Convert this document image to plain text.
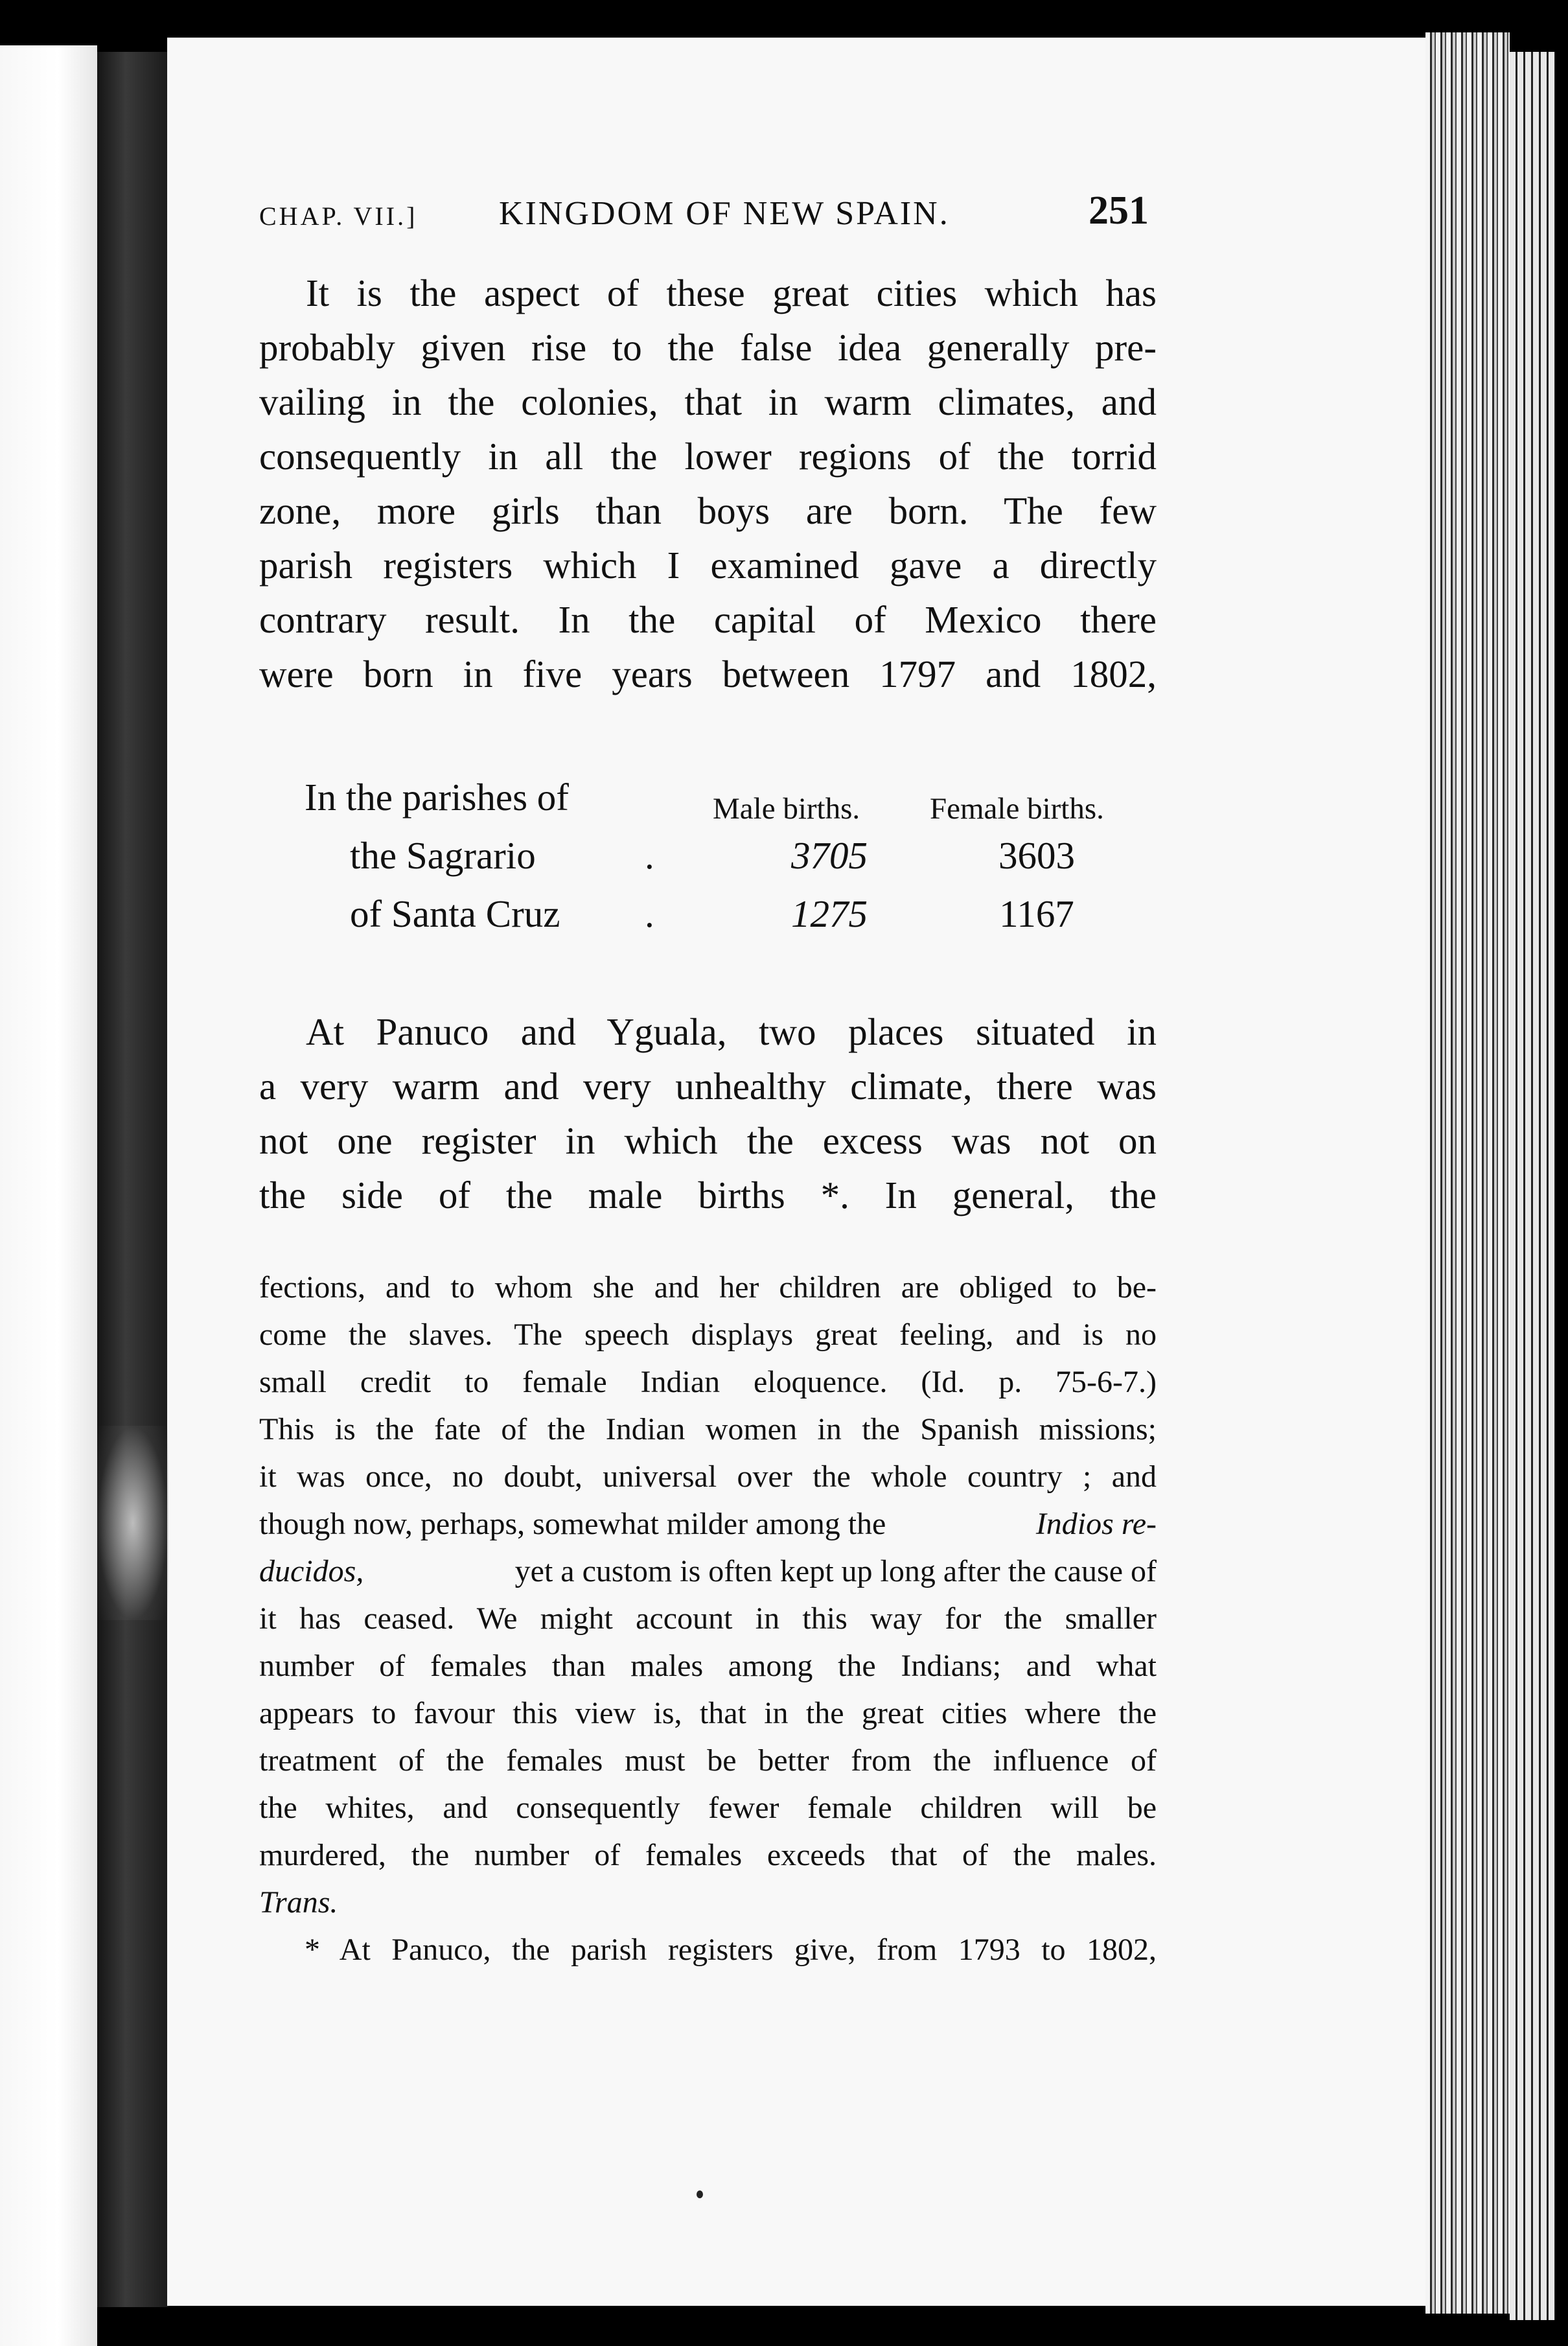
CHAP. VII.] KINGDOM OF NEW SPAIN.	251
It is the aspect of these great cities which has
probably given rise to the false idea generally pre-
vailing in the colonies, that in warm climates, and
consequently in all the lower regions of the torrid
zone, more girls than boys are born. The few
parish registers which I examined gave a directly
contrary result. In the capital of Mexico there
were born in five years between 1797 and 1802,
In the parishes of	Male births. Female births.
the Sagrario	.	3705	3603
of Santa Cruz .	1275	1167
At Panuco and Yguala, two places situated in
a very warm and very unhealthy climate, there was
not one register in which the excess was not on
the side of the male births *. In general, the
fections, and to whom she and her children are obliged to be-
come the slaves. The speech displays great feeling, and is no
small credit to female Indian eloquence. (Id. p. 75-6-7.)
This is the fate of the Indian women in the Spanish missions;
it was once, no doubt, universal over the whole country ; and
though now, perhaps, somewhat milder among the	Indios re-
ducidos,	yet a custom is often kept up long after the cause of
it has ceased. We might account in this way for the smaller
number of females than males among the Indians; and what
appears to favour this view is, that in the great cities where the
treatment of the females must be better from the influence of
the whites, and consequently fewer female children will be
murdered, the number of females exceeds that of the males.
Trans.
* At Panuco, the parish registers give, from 1793 to 1802,
